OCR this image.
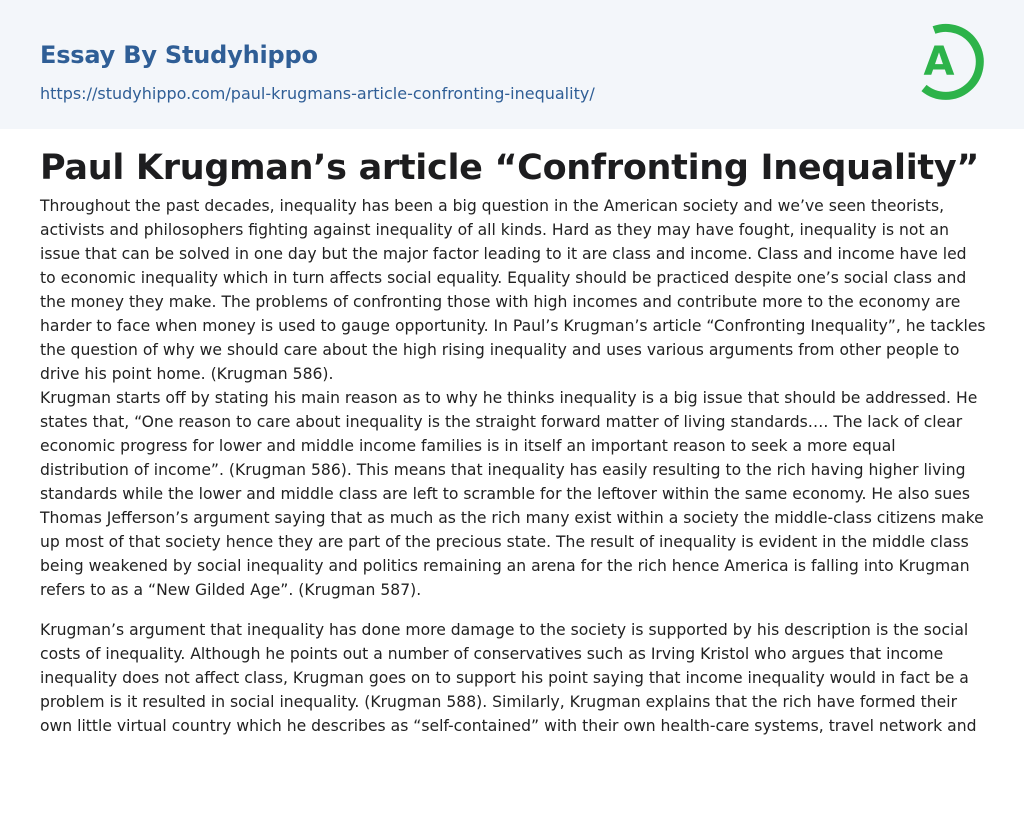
Essay By Studyhippo
https://studyhippo.com/paul-krugmans-article-confronting-inequality/
A
Paul Krugman’s article “Confronting Inequality”

Throughout the past decades, inequality has been a big question in the American society and we’ve seen theorists, activists and philosophers fighting against inequality of all kinds. Hard as they may have fought, inequality is not an issue that can be solved in one day but the major factor leading to it are class and income. Class and income have led to economic inequality which in turn affects social equality. Equality should be practiced despite one’s social class and the money they make. The problems of confronting those with high incomes and contribute more to the economy are harder to face when money is used to gauge opportunity. In Paul’s Krugman’s article “Confronting Inequality”, he tackles the question of why we should care about the high rising inequality and uses various arguments from other people to drive his point home. (Krugman 586).

Krugman starts off by stating his main reason as to why he thinks inequality is a big issue that should be addressed. He states that, “One reason to care about inequality is the straight forward matter of living standards…. The lack of clear economic progress for lower and middle income families is in itself an important reason to seek a more equal distribution of income”. (Krugman 586). This means that inequality has easily resulting to the rich having higher living standards while the lower and middle class are left to scramble for the leftover within the same economy. He also sues Thomas Jefferson’s argument saying that as much as the rich many exist within a society the middle-class citizens make up most of that society hence they are part of the precious state. The result of inequality is evident in the middle class being weakened by social inequality and politics remaining an arena for the rich hence America is falling into Krugman refers to as a “New Gilded Age”. (Krugman 587).

Krugman’s argument that inequality has done more damage to the society is supported by his description is the social costs of inequality. Although he points out a number of conservatives such as Irving Kristol who argues that income inequality does not affect class, Krugman goes on to support his point saying that income inequality would in fact be a problem is it resulted in social inequality. (Krugman 588). Similarly, Krugman explains that the rich have formed their own little virtual country which he describes as “self-contained” with their own health-care systems, travel network and
